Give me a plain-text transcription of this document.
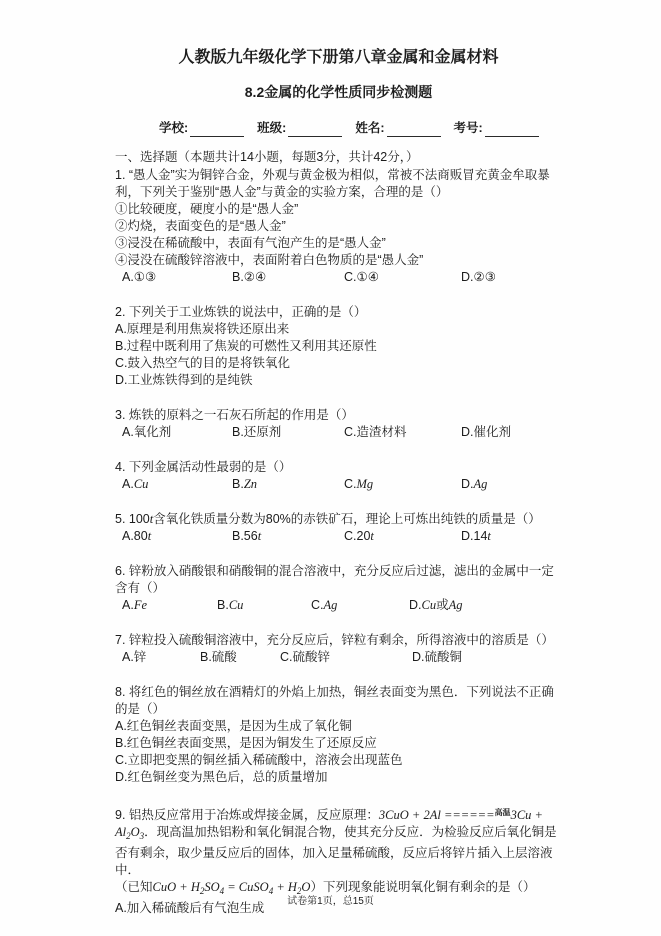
人教版九年级化学下册第八章金属和金属材料
8.2金属的化学性质同步检测题
学校:	班级:	姓名:	考号:

一、选择题（本题共计14小题，每题3分，共计42分，）

1. “愚人金”实为铜锌合金，外观与黄金极为相似，常被不法商贩冒充黄金牟取暴利，下列关于鉴别“愚人金”与黄金的实验方案，合理的是（）

①比较硬度，硬度小的是“愚人金”

②灼烧，表面变色的是“愚人金”

③浸没在稀硫酸中，表面有气泡产生的是“愚人金”

④浸没在硫酸锌溶液中，表面附着白色物质的是“愚人金”

A.①③	B.②④	C.①④	D.②③

2. 下列关于工业炼铁的说法中，正确的是（）

A.原理是利用焦炭将铁还原出来

B.过程中既利用了焦炭的可燃性又利用其还原性

C.鼓入热空气的目的是将铁氧化

D.工业炼铁得到的是纯铁

3. 炼铁的原料之一石灰石所起的作用是（）

A.氧化剂	B.还原剂	C.造渣材料	D.催化剂

4. 下列金属活动性最弱的是（）

A.Cu	B.Zn	C.Mg	D.Ag

5. 100t含氧化铁质量分数为80%的赤铁矿石，理论上可炼出纯铁的质量是（）

A.80t	B.56t	C.20t	D.14t

6. 锌粉放入硝酸银和硝酸铜的混合溶液中，充分反应后过滤，滤出的金属中一定含有（）

A.Fe	B.Cu	C.Ag	D.Cu或Ag

7. 锌粒投入硫酸铜溶液中，充分反应后，锌粒有剩余，所得溶液中的溶质是（）

A.锌	B.硫酸	C.硫酸锌	D.硫酸铜

8. 将红色的铜丝放在酒精灯的外焰上加热，铜丝表面变为黑色．下列说法不正确的是（）

A.红色铜丝表面变黑，是因为生成了氧化铜

B.红色铜丝表面变黑，是因为铜发生了还原反应

C.立即把变黑的铜丝插入稀硫酸中，溶液会出现蓝色

D.红色铜丝变为黑色后，总的质量增加

9. 铝热反应常用于冶炼或焊接金属，反应原理：$3CuO + 2Al ======^{高温}3Cu + Al_2O_3$．现高温加热铝粉和氧化铜混合物，使其充分反应．为检验反应后氧化铜是否有剩余，取少量反应后的固体，加入足量稀硫酸，反应后将锌片插入上层溶液中．

（已知CuO + $H_2SO_4$ = CuSO$_4$ + $H_2O$）下列现象能说明氧化铜有剩余的是（）

A.加入稀硫酸后有气泡生成	试卷第1页，总15页
